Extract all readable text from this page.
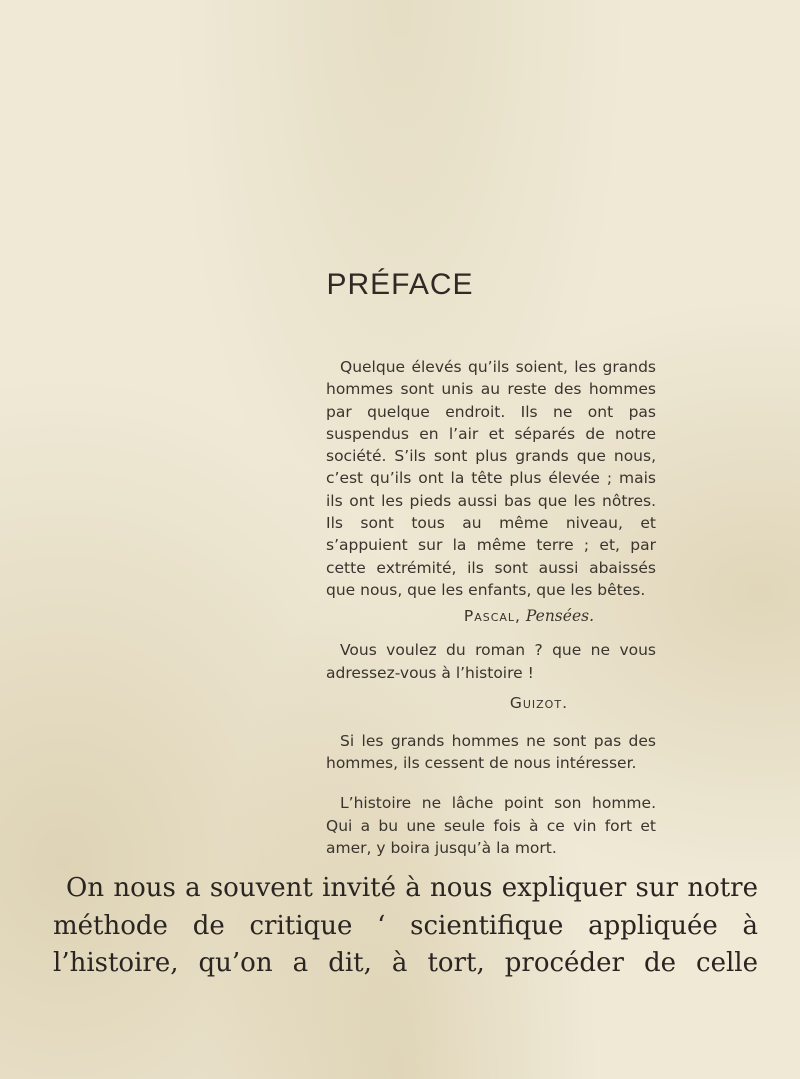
PRÉFACE

Quelque élevés qu’ils soient, les grands hommes sont unis au reste des hommes par quelque endroit. Ils ne ont pas suspendus en l’air et séparés de notre société. S’ils sont plus grands que nous, c’est qu’ils ont la tête plus élevée ; mais ils ont les pieds aussi bas que les nôtres. Ils sont tous au même niveau, et s’appuient sur la même terre ; et, par cette extrémité, ils sont aussi abaissés que nous, que les enfants, que les bêtes.

Pascal, Pensées.

Vous voulez du roman ? que ne vous adressez-vous à l’histoire !

Guizot.

Si les grands hommes ne sont pas des hommes, ils cessent de nous intéresser.

L’histoire ne lâche point son homme. Qui a bu une seule fois à ce vin fort et amer, y boira jusqu’à la mort.

On nous a souvent invité à nous expliquer sur notre méthode de critique ‘ scientifique appliquée à l’histoire, qu’on a dit, à tort, procéder de celle
